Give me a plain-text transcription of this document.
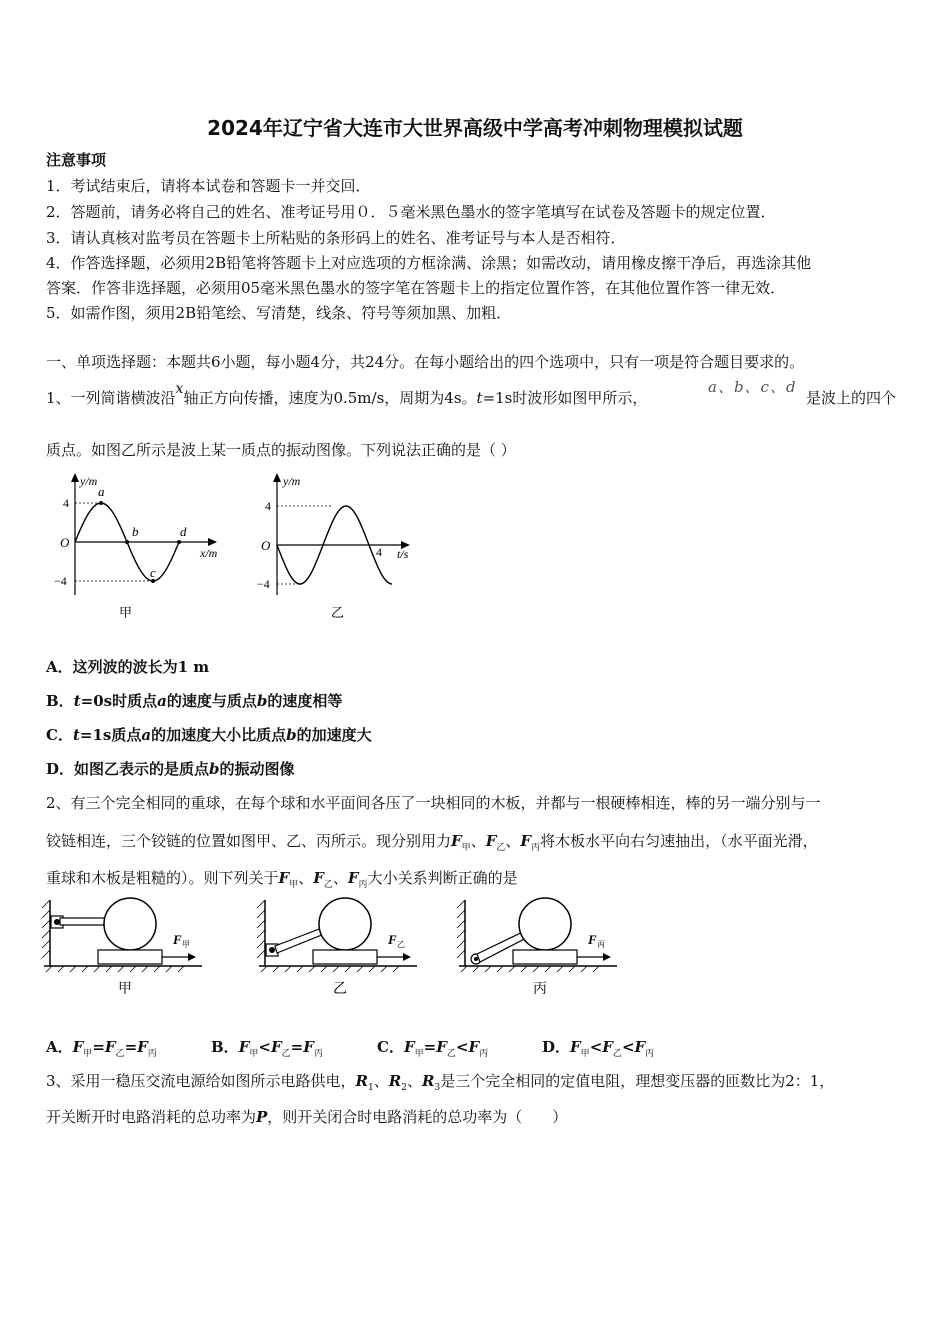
2024年辽宁省大连市大世界高级中学高考冲刺物理模拟试题
注意事项
1．考试结束后，请将本试卷和答题卡一并交回．
2．答题前，请务必将自己的姓名、准考证号用０．５毫米黑色墨水的签字笔填写在试卷及答题卡的规定位置．
3．请认真核对监考员在答题卡上所粘贴的条形码上的姓名、准考证号与本人是否相符．
4．作答选择题，必须用2B铅笔将答题卡上对应选项的方框涂满、涂黑；如需改动，请用橡皮擦干净后，再选涂其他
答案．作答非选择题，必须用05毫米黑色墨水的签字笔在答题卡上的指定位置作答，在其他位置作答一律无效．
5．如需作图，须用2B铅笔绘、写清楚，线条、符号等须加黑、加粗．
一、单项选择题：本题共6小题，每小题4分，共24分。在每小题给出的四个选项中，只有一项是符合题目要求的。
1、一列简谐横波沿x轴正方向传播，速度为0.5m/s，周期为4s。t=1s时波形如图甲所示，
a、b、c、d
是波上的四个
质点。如图乙所示是波上某一质点的振动图像。下列说法正确的是（ ）
y/m
x/m
O
4
−4
a
b
c
d
甲
y/m
t/s
O
4
−4
4
乙
A．这列波的波长为1 m
B．t=0s时质点a的速度与质点b的速度相等
C．t=1s质点a的加速度大小比质点b的加速度大
D．如图乙表示的是质点b的振动图像
2、有三个完全相同的重球，在每个球和水平面间各压了一块相同的木板，并都与一根硬棒相连，棒的另一端分别与一
铰链相连，三个铰链的位置如图甲、乙、丙所示。现分别用力$F_甲$、$F_乙$、$F_丙$将木板水平向右匀速抽出，（水平面光滑，
重球和木板是粗糙的）。则下列关于$F_甲$、$F_乙$、$F_丙$大小关系判断正确的是
F 甲
甲
F 乙
乙
F 丙
丙
A．$F_甲=F_乙=F_丙$	B．$F_甲<F_乙=F_丙$	C．$F_甲=F_乙<F_丙$	D．$F_甲<F_乙<F_丙$
3、采用一稳压交流电源给如图所示电路供电，$R_1$、$R_2$、$R_3$是三个完全相同的定值电阻，理想变压器的匝数比为2：1，
开关断开时电路消耗的总功率为P，则开关闭合时电路消耗的总功率为（　　）
